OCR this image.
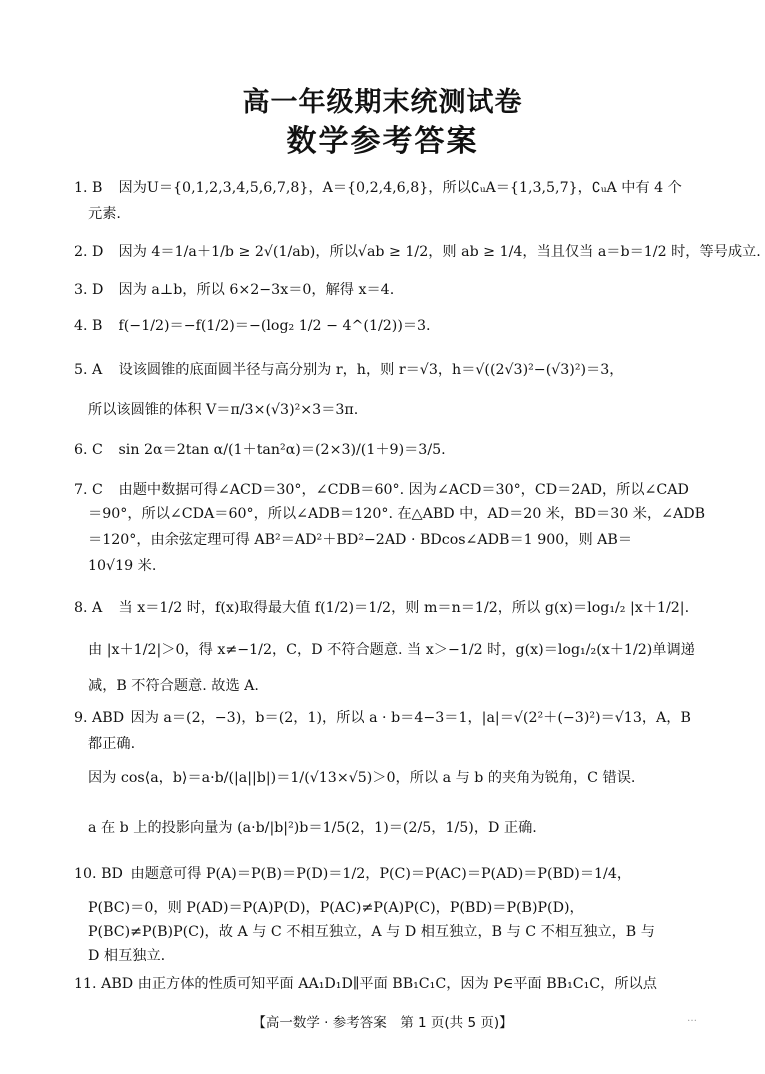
高一年级期末统测试卷
数学参考答案
1. B 因为U＝{0,1,2,3,4,5,6,7,8}，A＝{0,2,4,6,8}，所以∁ᵤA＝{1,3,5,7}，∁ᵤA 中有 4 个
元素.
2. D 因为 4＝1/a＋1/b ≥ 2√(1/ab)，所以√ab ≥ 1/2，则 ab ≥ 1/4，当且仅当 a＝b＝1/2 时，等号成立.
3. D 因为 a⊥b，所以 6×2−3x＝0，解得 x＝4.
4. B f(−1/2)＝−f(1/2)＝−(log₂ 1/2 − 4^(1/2))＝3.
5. A 设该圆锥的底面圆半径与高分别为 r，h，则 r＝√3，h＝√((2√3)²−(√3)²)＝3，
所以该圆锥的体积 V＝π/3×(√3)²×3＝3π.
6. C sin 2α＝2tan α/(1＋tan²α)＝(2×3)/(1＋9)＝3/5.
7. C 由题中数据可得∠ACD＝30°，∠CDB＝60°. 因为∠ACD＝30°，CD＝2AD，所以∠CAD
＝90°，所以∠CDA＝60°，所以∠ADB＝120°. 在△ABD 中，AD＝20 米，BD＝30 米，∠ADB
＝120°，由余弦定理可得 AB²＝AD²＋BD²−2AD · BDcos∠ADB＝1 900，则 AB＝
10√19 米.
8. A 当 x＝1/2 时，f(x)取得最大值 f(1/2)＝1/2，则 m＝n＝1/2，所以 g(x)＝log₁/₂ |x＋1/2|.
由 |x＋1/2|＞0，得 x≠−1/2，C，D 不符合题意. 当 x＞−1/2 时，g(x)＝log₁/₂(x＋1/2)单调递
减，B 不符合题意. 故选 A.
9. ABD 因为 a＝(2，−3)，b＝(2，1)，所以 a · b＝4−3＝1，|a|＝√(2²＋(−3)²)＝√13，A，B
都正确.
因为 cos⟨a，b⟩＝a·b/(|a||b|)＝1/(√13×√5)＞0，所以 a 与 b 的夹角为锐角，C 错误.
a 在 b 上的投影向量为 (a·b/|b|²)b＝1/5(2，1)＝(2/5，1/5)，D 正确.
10. BD 由题意可得 P(A)＝P(B)＝P(D)＝1/2，P(C)＝P(AC)＝P(AD)＝P(BD)＝1/4，
P(BC)＝0，则 P(AD)＝P(A)P(D)，P(AC)≠P(A)P(C)，P(BD)＝P(B)P(D)，
P(BC)≠P(B)P(C)，故 A 与 C 不相互独立，A 与 D 相互独立，B 与 C 不相互独立，B 与
D 相互独立.
11. ABD 由正方体的性质可知平面 AA₁D₁D∥平面 BB₁C₁C，因为 P∈平面 BB₁C₁C，所以点
【高一数学 · 参考答案　第 1 页(共 5 页)】	…
